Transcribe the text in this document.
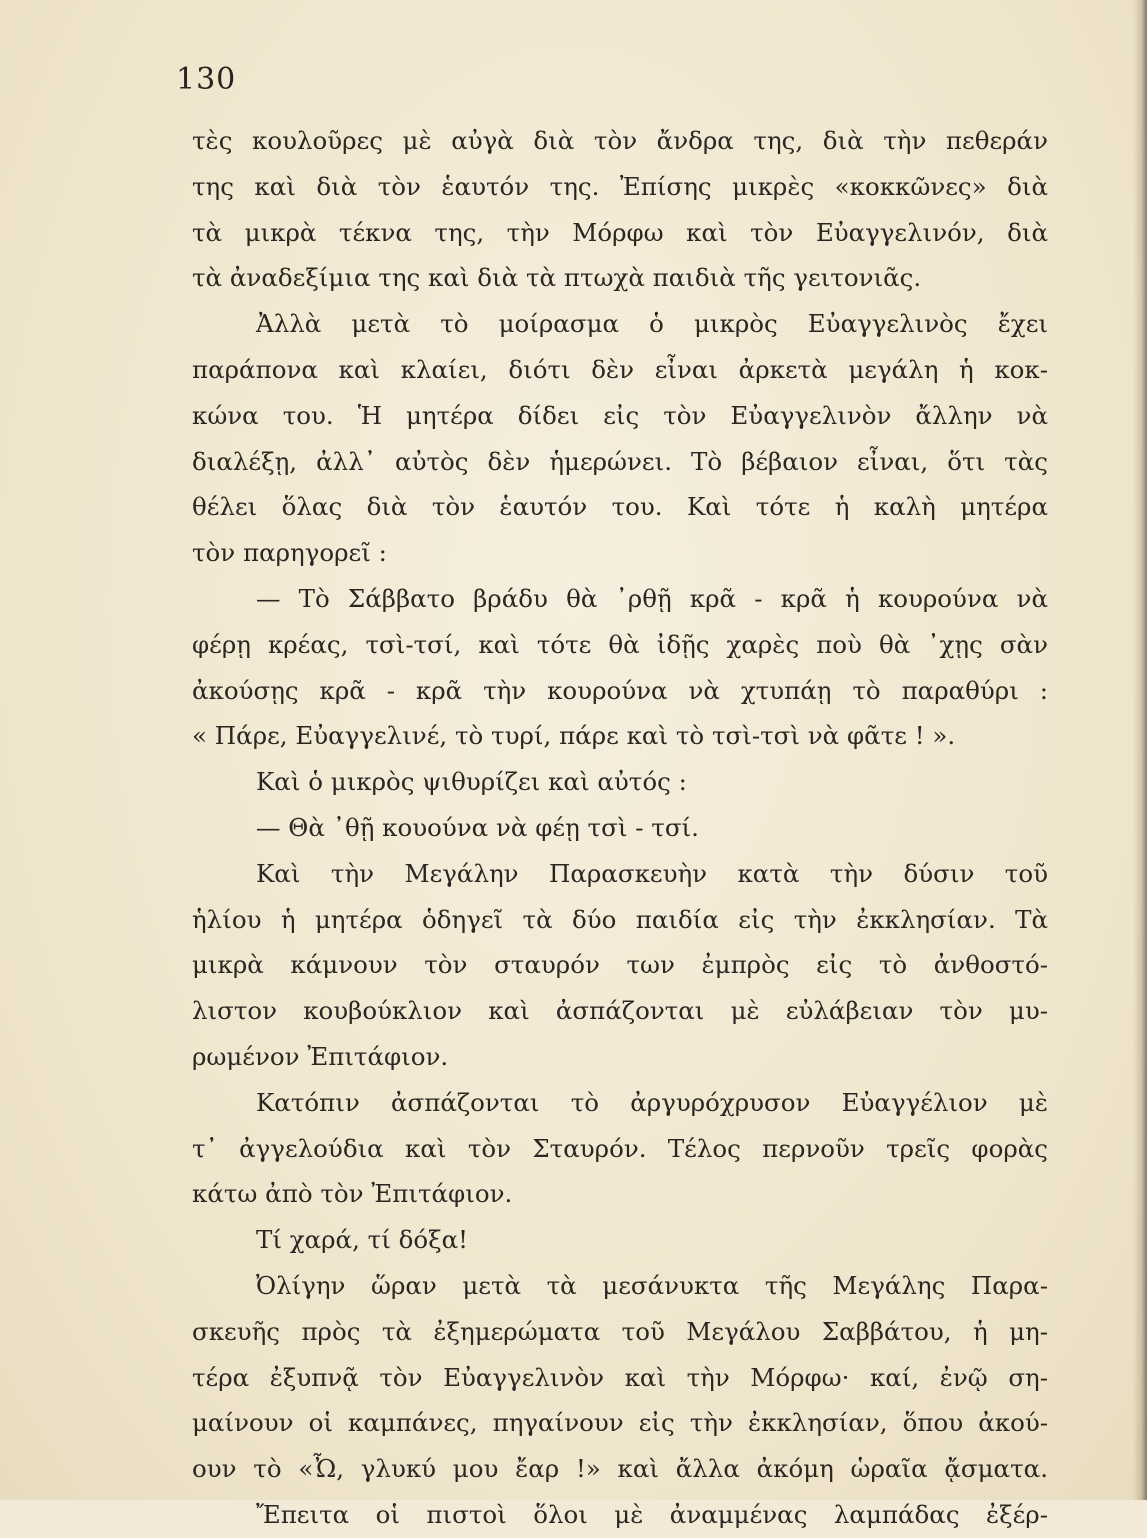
130
τὲς κουλοῦρες μὲ αὐγὰ διὰ τὸν ἄνδρα της, διὰ τὴν πεθεράν
της καὶ διὰ τὸν ἑαυτόν της. Ἐπίσης μικρὲς «κοκκῶνες» διὰ
τὰ μικρὰ τέκνα της, τὴν Μόρφω καὶ τὸν Εὐαγγελινόν, διὰ
τὰ ἀναδεξίμια της καὶ διὰ τὰ πτωχὰ παιδιὰ τῆς γειτονιᾶς.
Ἀλλὰ μετὰ τὸ μοίρασμα ὁ μικρὸς Εὐαγγελινὸς ἔχει
παράπονα καὶ κλαίει, διότι δὲν εἶναι ἀρκετὰ μεγάλη ἡ κοκ-
κώνα του. Ἡ μητέρα δίδει εἰς τὸν Εὐαγγελινὸν ἄλλην νὰ
διαλέξῃ, ἀλλ᾽ αὐτὸς δὲν ἡμερώνει. Τὸ βέβαιον εἶναι, ὅτι τὰς
θέλει ὅλας διὰ τὸν ἑαυτόν του. Καὶ τότε ἡ καλὴ μητέρα
τὸν παρηγορεῖ :
— Τὸ Σάββατο βράδυ θὰ ᾽ρθῇ κρᾶ - κρᾶ ἡ κουρούνα νὰ
φέρῃ κρέας, τσὶ-τσί, καὶ τότε θὰ ἰδῇς χαρὲς ποὺ θὰ ᾽χῃς σὰν
ἀκούσῃς κρᾶ - κρᾶ τὴν κουρούνα νὰ χτυπάῃ τὸ παραθύρι :
« Πάρε, Εὐαγγελινέ, τὸ τυρί, πάρε καὶ τὸ τσὶ-τσὶ νὰ φᾶτε ! ».
Καὶ ὁ μικρὸς ψιθυρίζει καὶ αὐτός :
— Θὰ ᾽θῇ κουούνα νὰ φέῃ τσὶ - τσί.
Καὶ τὴν Μεγάλην Παρασκευὴν κατὰ τὴν δύσιν τοῦ
ἡλίου ἡ μητέρα ὁδηγεῖ τὰ δύο παιδία εἰς τὴν ἐκκλησίαν. Τὰ
μικρὰ κάμνουν τὸν σταυρόν των ἐμπρὸς εἰς τὸ ἀνθοστό-
λιστον κουβούκλιον καὶ ἀσπάζονται μὲ εὐλάβειαν τὸν μυ-
ρωμένον Ἐπιτάφιον.
Κατόπιν ἀσπάζονται τὸ ἀργυρόχρυσον Εὐαγγέλιον μὲ
τ᾽ ἀγγελούδια καὶ τὸν Σταυρόν. Τέλος περνοῦν τρεῖς φορὰς
κάτω ἀπὸ τὸν Ἐπιτάφιον.
Τί χαρά, τί δόξα!
Ὀλίγην ὥραν μετὰ τὰ μεσάνυκτα τῆς Μεγάλης Παρα-
σκευῆς πρὸς τὰ ἐξημερώματα τοῦ Μεγάλου Σαββάτου, ἡ μη-
τέρα ἐξυπνᾷ τὸν Εὐαγγελινὸν καὶ τὴν Μόρφω· καί, ἐνῷ ση-
μαίνουν οἱ καμπάνες, πηγαίνουν εἰς τὴν ἐκκλησίαν, ὅπου ἀκού-
ουν τὸ «Ὦ, γλυκύ μου ἔαρ !» καὶ ἄλλα ἀκόμη ὡραῖα ᾄσματα.
Ἔπειτα οἱ πιστοὶ ὅλοι μὲ ἀναμμένας λαμπάδας ἐξέρ-
